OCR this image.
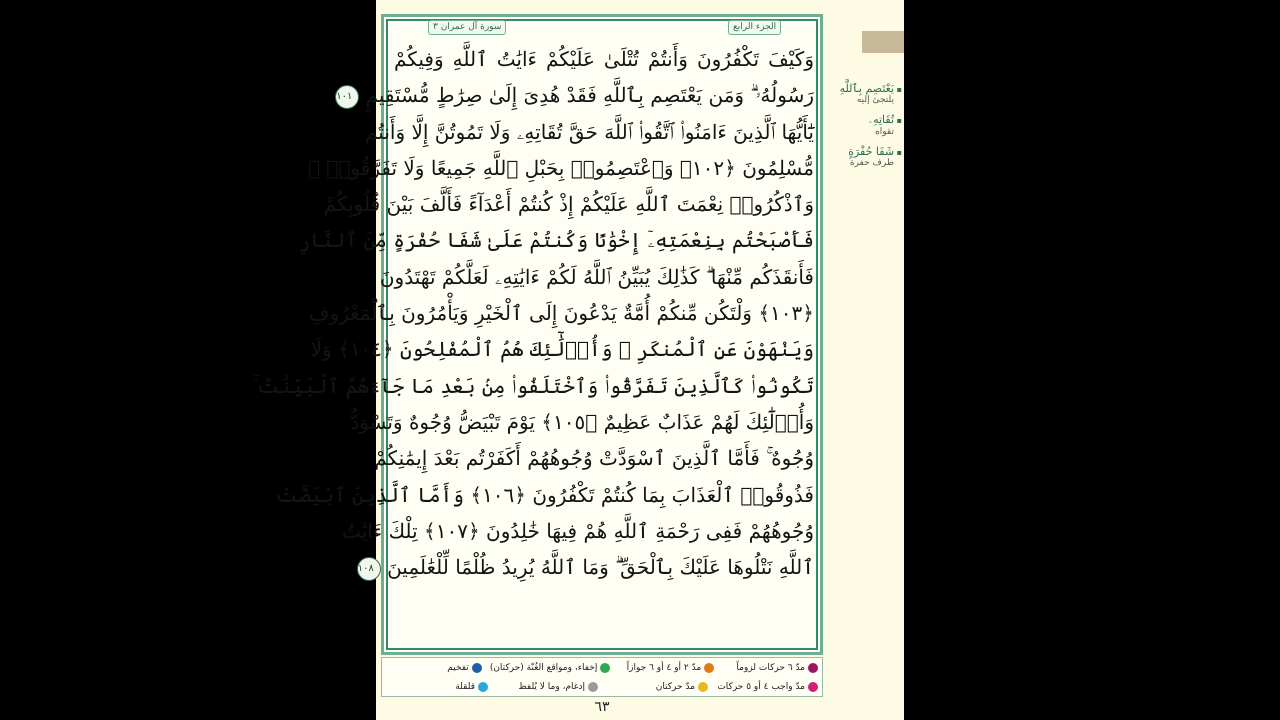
الجزء الرابع
سورة آل عمران ٣
وَكَيْفَ تَكْفُرُونَ وَأَنتُمْ تُتْلَىٰ عَلَيْكُمْ ءَايَٰتُ ٱللَّهِ وَفِيكُمْ
رَسُولُهُۥ ۗ وَمَن يَعْتَصِم بِٱللَّهِ فَقَدْ هُدِىَ إِلَىٰ صِرَٰطٍ مُّسْتَقِيمٍ ١٠١
يَٰٓأَيُّهَا ٱلَّذِينَ ءَامَنُوا۟ ٱتَّقُوا۟ ٱللَّهَ حَقَّ تُقَاتِهِۦ وَلَا تَمُوتُنَّ إِلَّا وَأَنتُم
مُّسْلِمُونَ ﴿١٠٢﴾ وَٱعْتَصِمُوا۟ بِحَبْلِ ٱللَّهِ جَمِيعًا وَلَا تَفَرَّقُوا۟ ۚ
وَٱذْكُرُوا۟ نِعْمَتَ ٱللَّهِ عَلَيْكُمْ إِذْ كُنتُمْ أَعْدَآءً فَأَلَّفَ بَيْنَ قُلُوبِكُمْ
فَأَصْبَحْتُم بِنِعْمَتِهِۦٓ إِخْوَٰنًا وَكُنتُمْ عَلَىٰ شَفَا حُفْرَةٍ مِّنَ ٱلنَّارِ
فَأَنقَذَكُم مِّنْهَا ۗ كَذَٰلِكَ يُبَيِّنُ ٱللَّهُ لَكُمْ ءَايَٰتِهِۦ لَعَلَّكُمْ تَهْتَدُونَ
﴿١٠٣﴾ وَلْتَكُن مِّنكُمْ أُمَّةٌ يَدْعُونَ إِلَى ٱلْخَيْرِ وَيَأْمُرُونَ بِٱلْمَعْرُوفِ
وَيَنْهَوْنَ عَنِ ٱلْمُنكَرِ ۚ وَأُو۟لَٰٓئِكَ هُمُ ٱلْمُفْلِحُونَ ﴿١٠٤﴾ وَلَا
تَكُونُوا۟ كَٱلَّذِينَ تَفَرَّقُوا۟ وَٱخْتَلَفُوا۟ مِنۢ بَعْدِ مَا جَآءَهُمُ ٱلْبَيِّنَٰتُ ۚ
وَأُو۟لَٰٓئِكَ لَهُمْ عَذَابٌ عَظِيمٌ ﴿١٠٥﴾ يَوْمَ تَبْيَضُّ وُجُوهٌ وَتَسْوَدُّ
وُجُوهٌ ۚ فَأَمَّا ٱلَّذِينَ ٱسْوَدَّتْ وُجُوهُهُمْ أَكَفَرْتُم بَعْدَ إِيمَٰنِكُمْ
فَذُوقُوا۟ ٱلْعَذَابَ بِمَا كُنتُمْ تَكْفُرُونَ ﴿١٠٦﴾ وَأَمَّا ٱلَّذِينَ ٱبْيَضَّتْ
وُجُوهُهُمْ فَفِى رَحْمَةِ ٱللَّهِ هُمْ فِيهَا خَٰلِدُونَ ﴿١٠٧﴾ تِلْكَ ءَايَٰتُ
ٱللَّهِ نَتْلُوهَا عَلَيْكَ بِٱلْحَقِّ ۗ وَمَا ٱللَّهُ يُرِيدُ ظُلْمًا لِّلْعَٰلَمِينَ ١٠٨
مدّ ٦ حركات لزوماً
مدّ ٢ أو ٤ أو ٦ جوازاً
إخفاء، ومواقع الغُنّة (حركتان)
تفخيم
مدّ واجب ٤ أو ٥ حركات
مدّ حركتان
إدغام، وما لا يُلفظ
قلقلة
٦٣
▪ يَعْتَصِم بِٱللَّهِ
يلتجئ إليه
▪ تُقَاتِهِۦ
تقواه
▪ شَفَا حُفْرَةٍ
طرف حفرة
